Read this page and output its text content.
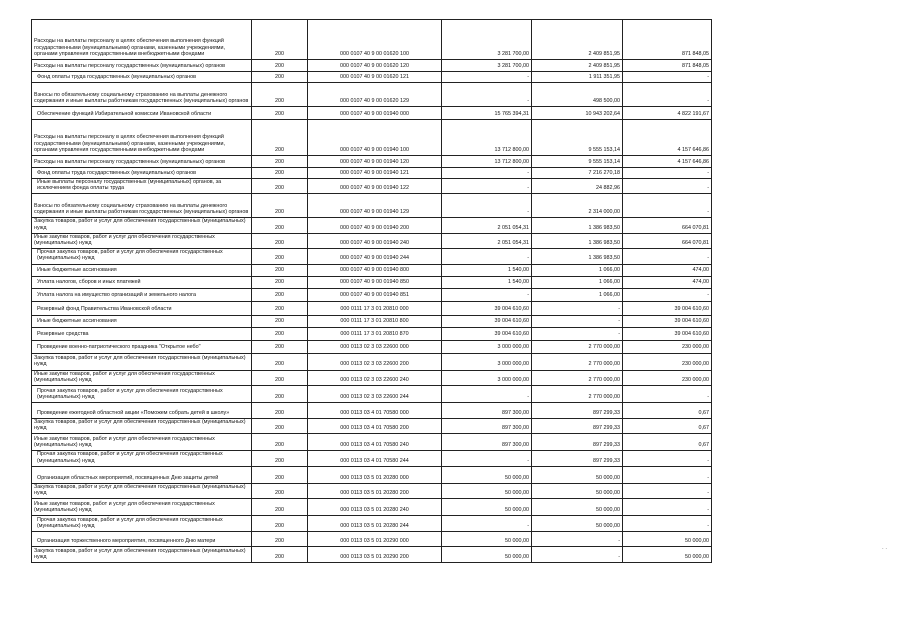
Расходы на выплаты персоналу в целях обеспечения выполнения функций государственными (муниципальными) органами, казенными учреждениями, органами управления государственными внебюджетными фондами	200	000 0107 40 9 00 01620 100	3 281 700,00	2 409 851,95	871 848,05
Расходы на выплаты персоналу государственных (муниципальных) органов	200	000 0107 40 9 00 01620 120	3 281 700,00	2 409 851,95	871 848,05
Фонд оплаты труда государственных (муниципальных) органов	200	000 0107 40 9 00 01620 121	-	1 911 351,95	-
Взносы по обязательному социальному страхованию на выплаты денежного содержания и иные выплаты работникам государственных (муниципальных) органов	200	000 0107 40 9 00 01620 129	-	498 500,00	-
Обеспечение функций Избирательной комиссии Ивановской области	200	000 0107 40 9 00 01940 000	15 765 394,31	10 943 202,64	4 822 191,67
Расходы на выплаты персоналу в целях обеспечения выполнения функций государственными (муниципальными) органами, казенными учреждениями, органами управления государственными внебюджетными фондами	200	000 0107 40 9 00 01940 100	13 712 800,00	9 555 153,14	4 157 646,86
Расходы на выплаты персоналу государственных (муниципальных) органов	200	000 0107 40 9 00 01940 120	13 712 800,00	9 555 153,14	4 157 646,86
Фонд оплаты труда государственных (муниципальных) органов	200	000 0107 40 9 00 01940 121	-	7 216 270,18	-
Иные выплаты персоналу государственных (муниципальных) органов, за исключением фонда оплаты труда	200	000 0107 40 9 00 01940 122	-	24 882,96	-
Взносы по обязательному социальному страхованию на выплаты денежного содержания и иные выплаты работникам государственных (муниципальных) органов	200	000 0107 40 9 00 01940 129	-	2 314 000,00	-
Закупка товаров, работ и услуг для обеспечения государственных (муниципальных) нужд	200	000 0107 40 9 00 01940 200	2 051 054,31	1 386 983,50	664 070,81
Иные закупки товаров, работ и услуг для обеспечения государственных (муниципальных) нужд	200	000 0107 40 9 00 01940 240	2 051 054,31	1 386 983,50	664 070,81
Прочая закупка товаров, работ и услуг для обеспечения государственных (муниципальных) нужд	200	000 0107 40 9 00 01940 244	-	1 386 983,50	-
Иные бюджетные ассигнования	200	000 0107 40 9 00 01940 800	1 540,00	1 066,00	474,00
Уплата налогов, сборов и иных платежей	200	000 0107 40 9 00 01940 850	1 540,00	1 066,00	474,00
Уплата налога на имущество организаций и земельного налога	200	000 0107 40 9 00 01940 851	-	1 066,00	-
Резервный фонд Правительства Ивановской области	200	000 0111 17 3 01 20810 000	39 004 610,60	-	39 004 610,60
Иные бюджетные ассигнования	200	000 0111 17 3 01 20810 800	39 004 610,60	-	39 004 610,60
Резервные средства	200	000 0111 17 3 01 20810 870	39 004 610,60	-	39 004 610,60
Проведение военно-патриотического праздника "Открытое небо"	200	000 0113 02 3 03 22600 000	3 000 000,00	2 770 000,00	230 000,00
Закупка товаров, работ и услуг для обеспечения государственных (муниципальных) нужд	200	000 0113 02 3 03 22600 200	3 000 000,00	2 770 000,00	230 000,00
Иные закупки товаров, работ и услуг для обеспечения государственных (муниципальных) нужд	200	000 0113 02 3 03 22600 240	3 000 000,00	2 770 000,00	230 000,00
Прочая закупка товаров, работ и услуг для обеспечения государственных (муниципальных) нужд	200	000 0113 02 3 03 22600 244	-	2 770 000,00	-
Проведение ежегодной областной акции «Поможем собрать детей в школу»	200	000 0113 03 4 01 70580 000	897 300,00	897 299,33	0,67
Закупка товаров, работ и услуг для обеспечения государственных (муниципальных) нужд	200	000 0113 03 4 01 70580 200	897 300,00	897 299,33	0,67
Иные закупки товаров, работ и услуг для обеспечения государственных (муниципальных) нужд	200	000 0113 03 4 01 70580 240	897 300,00	897 299,33	0,67
Прочая закупка товаров, работ и услуг для обеспечения государственных (муниципальных) нужд	200	000 0113 03 4 01 70580 244	-	897 299,33	-
Организация областных мероприятий, посвященных Дню защиты детей	200	000 0113 03 5 01 20280 000	50 000,00	50 000,00	-
Закупка товаров, работ и услуг для обеспечения государственных (муниципальных) нужд	200	000 0113 03 5 01 20280 200	50 000,00	50 000,00	-
Иные закупки товаров, работ и услуг для обеспечения государственных (муниципальных) нужд	200	000 0113 03 5 01 20280 240	50 000,00	50 000,00	-
Прочая закупка товаров, работ и услуг для обеспечения государственных (муниципальных) нужд	200	000 0113 03 5 01 20280 244	-	50 000,00	-
Организация торжественного мероприятия, посвященного Дню матери	200	000 0113 03 5 01 20290 000	50 000,00	-	50 000,00
Закупка товаров, работ и услуг для обеспечения государственных (муниципальных) нужд	200	000 0113 03 5 01 20290 200	50 000,00	-	50 000,00
. .
